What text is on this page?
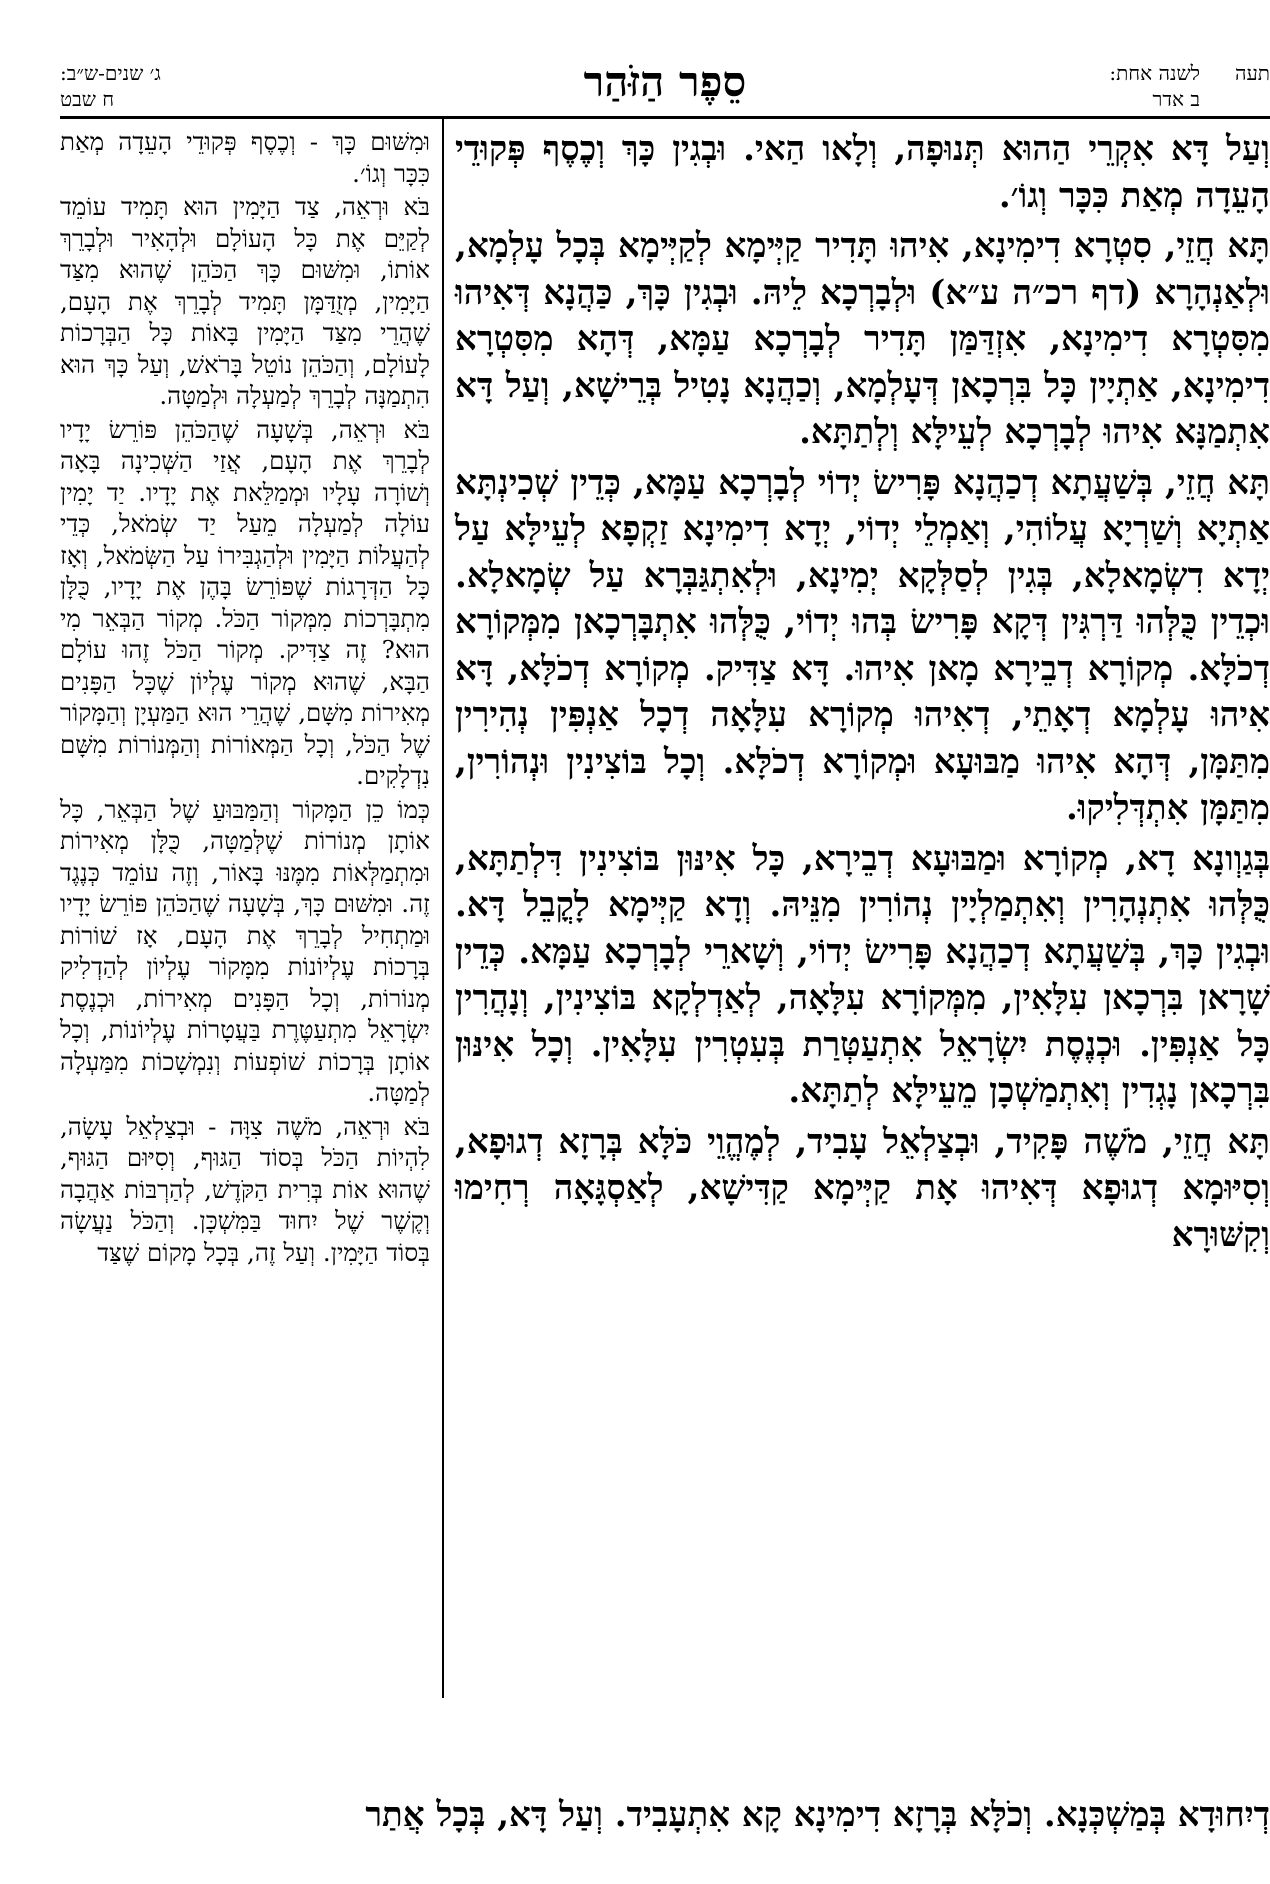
תעה
לשנה אחת:
ב אדר
סֵפֶר הַזֹּהַר
ג׳ שנים-ש״ב:
ח שבט

וְעַל דָּא אִקְרֵי הַהוּא תְּנוּפָה, וְלָאו הַאי. וּבְגִין כָּךְ וְכֶסֶף פְּקוּדֵי הָעֵדָה מְאַת כִּכָּר וְגוֹ׳.

תָּא חֲזֵי, סִטְרָא דִימִינָא, אִיהוּ תָּדִיר קַיְּימָא לְקַיְּימָא בְּכָל עָלְמָא, וּלְאַנְהָרָא (דף רכ״ה ע״א) וּלְבָרְכָא לֵיהּ. וּבְגִין כָּךְ, כַּהֲנָא דְּאִיהוּ מִסִּטְרָא דִימִינָא, אִזְדַּמַּן תָּדִיר לְבָרְכָא עַמָּא, דְּהָא מִסִּטְרָא דִימִינָא, אַתְיָין כָּל בִּרְכָאן דְּעָלְמָא, וְכַהֲנָא נָטִיל בְּרֵישָׁא, וְעַל דָּא אִתְמַנָּא אִיהוּ לְבָרְכָא לְעֵילָּא וְלְתַתָּא.

תָּא חֲזֵי, בְּשַׁעֲתָא דְכַהֲנָא פָּרִישׂ יְדוֹי לְבָרְכָא עַמָּא, כְּדֵין שְׁכִינְתָּא אַתְיָא וְשַׁרְיָא עֲלוֹהִי, וְאַמְלֵי יְדוֹי, יְדָא דִימִינָא זַקְפָא לְעֵילָּא עַל יְדָא דִשְׂמָאלָא, בְּגִין לְסַלְּקָא יְמִינָא, וּלְאִתְגַּבְּרָא עַל שְׂמָאלָא. וּכְדֵין כֻּלְּהוּ דַּרְגִּין דְּקָא פָּרִישׂ בְּהוּ יְדוֹי, כֻּלְּהוּ אִתְבָּרְכָאן מִמְּקוֹרָא דְכֹלָּא. מְקוֹרָא דְבֵירָא מָאן אִיהוּ. דָּא צַדִּיק. מְקוֹרָא דְכֹלָּא, דָּא אִיהוּ עָלְמָא דְאָתֵי, דְאִיהוּ מְקוֹרָא עִלָּאָה דְכָל אַנְפִּין נְהִירִין מִתַּמָּן, דְּהָא אִיהוּ מַבּוּעָא וּמְקוֹרָא דְכֹלָּא. וְכָל בּוֹצִינִין וּנְהוֹרִין, מִתַּמָּן אִתְדְּלִיקוּ.

בְּגַוְונָא דָא, מְקוֹרָא וּמַבּוּעָא דְבֵירָא, כָּל אִינּוּן בּוֹצִינִין דִּלְתַתָּא, כֻּלְּהוּ אִתְנְהָרִין וְאִתְמַלְיָין נְהוֹרִין מִנֵּיהּ. וְדָא קַיְּימָא לָקֳבֵל דָּא. וּבְגִין כָּךְ, בְּשַׁעֲתָא דְכַהֲנָא פָּרִישׂ יְדוֹי, וְשָׁארֵי לְבָרְכָא עַמָּא. כְּדֵין שָׁרָאן בִּרְכָאן עִלָּאִין, מִמְּקוֹרָא עִלָּאָה, לְאַדְלְקָא בּוֹצִינִין, וְנָהֲרִין כָּל אַנְפִּין. וּכְנֶסֶת יִשְׂרָאֵל אִתְעַטְּרַת בְּעִטְרִין עִלָּאִין. וְכָל אִינּוּן בִּרְכָאן נָגְדִין וְאִתְמַשְׁכָן מֵעֵילָּא לְתַתָּא.

תָּא חֲזֵי, מֹשֶׁה פָּקִיד, וּבְצַלְאֵל עָבִיד, לְמֶהֱוֵי כֹּלָּא בְּרָזָא דְגוּפָא, וְסִיּוּמָא דְגוּפָא דְּאִיהוּ אָת קַיְּימָא קַדִּישָׁא, לְאַסְגָּאָה רְחִימוּ וְקִשּׁוּרָא

וּמִשּׁוּם כָּךְ - וְכֶסֶף פְּקוּדֵי הָעֵדָה מְאַת כִּכָּר וְגוֹ׳.

בֹּא וּרְאֵה, צַד הַיָּמִין הוּא תָּמִיד עוֹמֵד לְקַיֵּם אֶת כָּל הָעוֹלָם וּלְהָאִיר וּלְבָרֵךְ אוֹתוֹ, וּמִשּׁוּם כָּךְ הַכֹּהֵן שֶׁהוּא מִצַּד הַיָּמִין, מְזֻדַּמָּן תָּמִיד לְבָרֵךְ אֶת הָעָם, שֶׁהֲרֵי מִצַּד הַיָּמִין בָּאוֹת כָּל הַבְּרָכוֹת לָעוֹלָם, וְהַכֹּהֵן נוֹטֵל בָּרֹאשׁ, וְעַל כָּךְ הוּא הִתְמַנָּה לְבָרֵךְ לְמַעְלָה וּלְמַטָּה.

בֹּא וּרְאֵה, בְּשָׁעָה שֶׁהַכֹּהֵן פּוֹרֵשׂ יָדָיו לְבָרֵךְ אֶת הָעָם, אֲזַי הַשְּׁכִינָה בָּאָה וְשׁוֹרָה עָלָיו וּמְמַלֵּאת אֶת יָדָיו. יַד יָמִין עוֹלָה לְמַעְלָה מֵעַל יַד שְׂמֹאל, כְּדֵי לְהַעֲלוֹת הַיָּמִין וּלְהַגְבִּירוֹ עַל הַשְּׂמֹאל, וְאָז כָּל הַדְּרָגוֹת שֶׁפּוֹרֵשׂ בָּהֶן אֶת יָדָיו, כֻּלָּן מִתְבָּרְכוֹת מִמְּקוֹר הַכֹּל. מְקוֹר הַבְּאֵר מִי הוּא? זֶה צַדִּיק. מְקוֹר הַכֹּל זֶהוּ עוֹלָם הַבָּא, שֶׁהוּא מְקוֹר עֶלְיוֹן שֶׁכָּל הַפָּנִים מְאִירוֹת מִשָּׁם, שֶׁהֲרֵי הוּא הַמַּעְיָן וְהַמָּקוֹר שֶׁל הַכֹּל, וְכָל הַמְּאוֹרוֹת וְהַמְּנוֹרוֹת מִשָּׁם נִדְלָקִים.

כְּמוֹ כֵן הַמָּקוֹר וְהַמַּבּוּעַ שֶׁל הַבְּאֵר, כָּל אוֹתָן מְנוֹרוֹת שֶׁלְּמַטָּה, כֻּלָּן מְאִירוֹת וּמִתְמַלְּאוֹת מִמֶּנּוּ בָּאוֹר, וְזֶה עוֹמֵד כְּנֶגֶד זֶה. וּמִשּׁוּם כָּךְ, בְּשָׁעָה שֶׁהַכֹּהֵן פּוֹרֵשׂ יָדָיו וּמַתְחִיל לְבָרֵךְ אֶת הָעָם, אָז שׁוֹרוֹת בְּרָכוֹת עֶלְיוֹנוֹת מִמָּקוֹר עֶלְיוֹן לְהַדְלִיק מְנוֹרוֹת, וְכָל הַפָּנִים מְאִירוֹת, וּכְנֶסֶת יִשְׂרָאֵל מִתְעַטֶּרֶת בַּעֲטָרוֹת עֶלְיוֹנוֹת, וְכָל אוֹתָן בְּרָכוֹת שׁוֹפְעוֹת וְנִמְשָׁכוֹת מִמַּעְלָה לְמַטָּה.

בֹּא וּרְאֵה, מֹשֶׁה צִוָּה - וּבְצַלְאֵל עָשָׂה, לִהְיוֹת הַכֹּל בְּסוֹד הַגּוּף, וְסִיּוּם הַגּוּף, שֶׁהוּא אוֹת בְּרִית הַקֹּדֶשׁ, לְהַרְבּוֹת אַהֲבָה וְקֶשֶׁר שֶׁל יִחוּד בַּמִּשְׁכָּן. וְהַכֹּל נַעֲשָׂה בְּסוֹד הַיָּמִין. וְעַל זֶה, בְּכָל מָקוֹם שֶׁצַּד

דְיִחוּדָא בְּמַשְׁכְּנָא. וְכֹלָּא בְּרָזָא דִימִינָא קָא אִתְעָבִיד. וְעַל דָּא, בְּכָל אֲתַר
